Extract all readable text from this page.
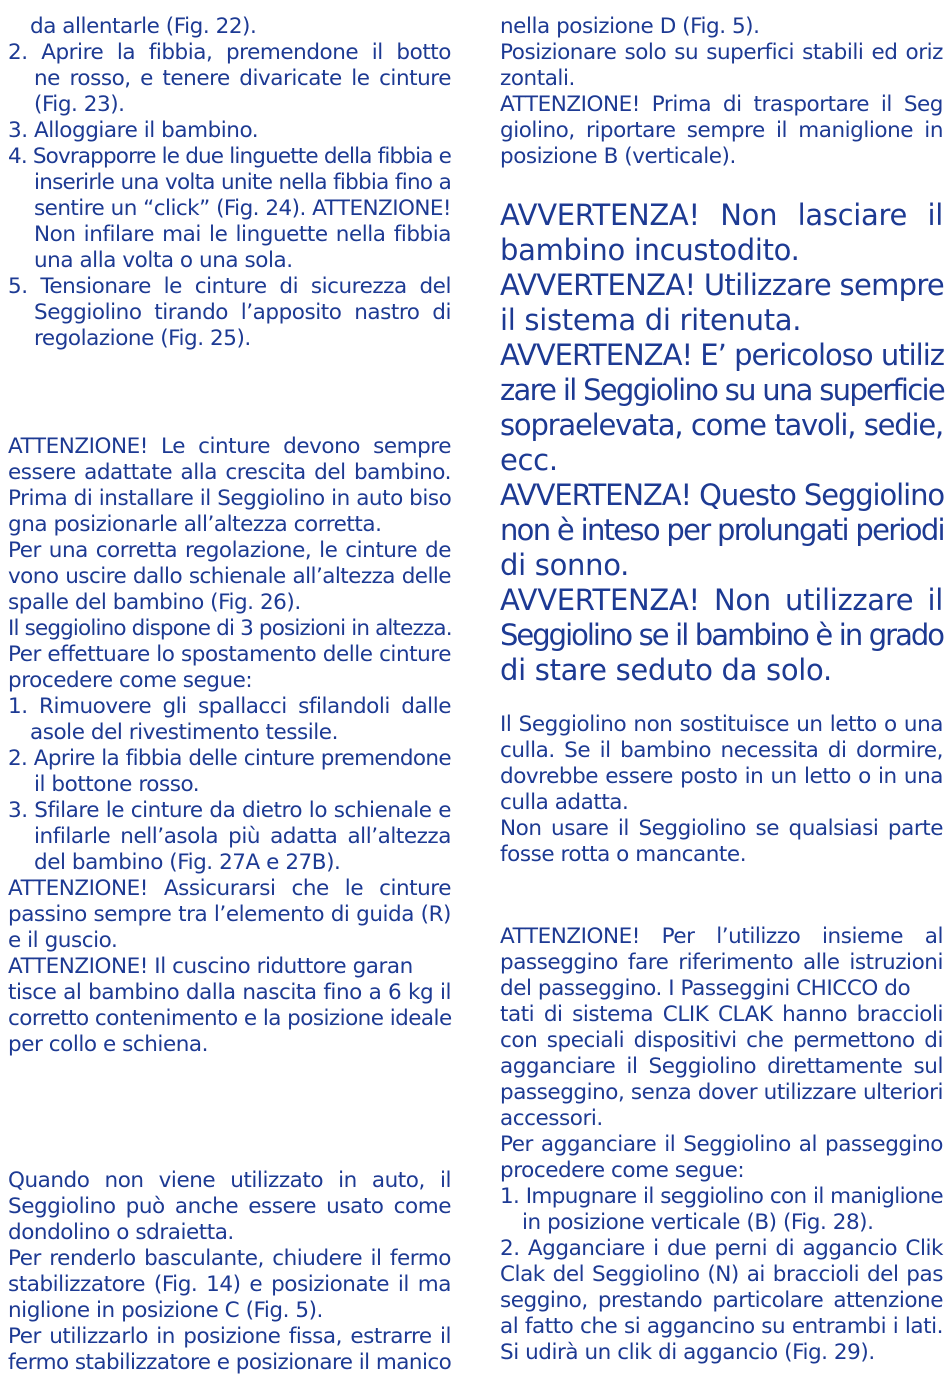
da allentarle (Fig. 22).
2. Aprire la fibbia, premendone il botto
ne rosso, e tenere divaricate le cinture
(Fig. 23).
3. Alloggiare il bambino.
4. Sovrapporre le due linguette della fibbia e
inserirle una volta unite nella fibbia fino a
sentire un “click” (Fig. 24). ATTENZIONE!
Non infilare mai le linguette nella fibbia
una alla volta o una sola.
5. Tensionare le cinture di sicurezza del
Seggiolino tirando l’apposito nastro di
regolazione (Fig. 25).
ATTENZIONE! Le cinture devono sempre
essere adattate alla crescita del bambino.
Prima di installare il Seggiolino in auto biso
gna posizionarle all’altezza corretta.
Per una corretta regolazione, le cinture de
vono uscire dallo schienale all’altezza delle
spalle del bambino (Fig. 26).
Il seggiolino dispone di 3 posizioni in altezza.
Per effettuare lo spostamento delle cinture
procedere come segue:
1. Rimuovere gli spallacci sfilandoli dalle
asole del rivestimento tessile.
2. Aprire la fibbia delle cinture premendone
il bottone rosso.
3. Sfilare le cinture da dietro lo schienale e
infilarle nell’asola più adatta all’altezza
del bambino (Fig. 27A e 27B).
ATTENZIONE! Assicurarsi che le cinture
passino sempre tra l’elemento di guida (R)
e il guscio.
ATTENZIONE! Il cuscino riduttore garan
tisce al bambino dalla nascita fino a 6 kg il
corretto contenimento e la posizione ideale
per collo e schiena.
Quando non viene utilizzato in auto, il
Seggiolino può anche essere usato come
dondolino o sdraietta.
Per renderlo basculante, chiudere il fermo
stabilizzatore (Fig. 14) e posizionate il ma
niglione in posizione C (Fig. 5).
Per utilizzarlo in posizione fissa, estrarre il
fermo stabilizzatore e posizionare il manico
nella posizione D (Fig. 5).
Posizionare solo su superfici stabili ed oriz
zontali.
ATTENZIONE! Prima di trasportare il Seg
giolino, riportare sempre il maniglione in
posizione B (verticale).
AVVERTENZA! Non lasciare il
bambino incustodito.
AVVERTENZA! Utilizzare sempre
il sistema di ritenuta.
AVVERTENZA! E’ pericoloso utiliz
zare il Seggiolino su una superficie
sopraelevata, come tavoli, sedie,
ecc.
AVVERTENZA! Questo Seggiolino
non è inteso per prolungati periodi
di sonno.
AVVERTENZA! Non utilizzare il
Seggiolino se il bambino è in grado
di stare seduto da solo.
Il Seggiolino non sostituisce un letto o una
culla. Se il bambino necessita di dormire,
dovrebbe essere posto in un letto o in una
culla adatta.
Non usare il Seggiolino se qualsiasi parte
fosse rotta o mancante.
ATTENZIONE! Per l’utilizzo insieme al
passeggino fare riferimento alle istruzioni
del passeggino. I Passeggini CHICCO do
tati di sistema CLIK CLAK hanno braccioli
con speciali dispositivi che permettono di
agganciare il Seggiolino direttamente sul
passeggino, senza dover utilizzare ulteriori
accessori.
Per agganciare il Seggiolino al passeggino
procedere come segue:
1. Impugnare il seggiolino con il maniglione
in posizione verticale (B) (Fig. 28).
2. Agganciare i due perni di aggancio Clik
Clak del Seggiolino (N) ai braccioli del pas
seggino, prestando particolare attenzione
al fatto che si aggancino su entrambi i lati.
Si udirà un clik di aggancio (Fig. 29).
